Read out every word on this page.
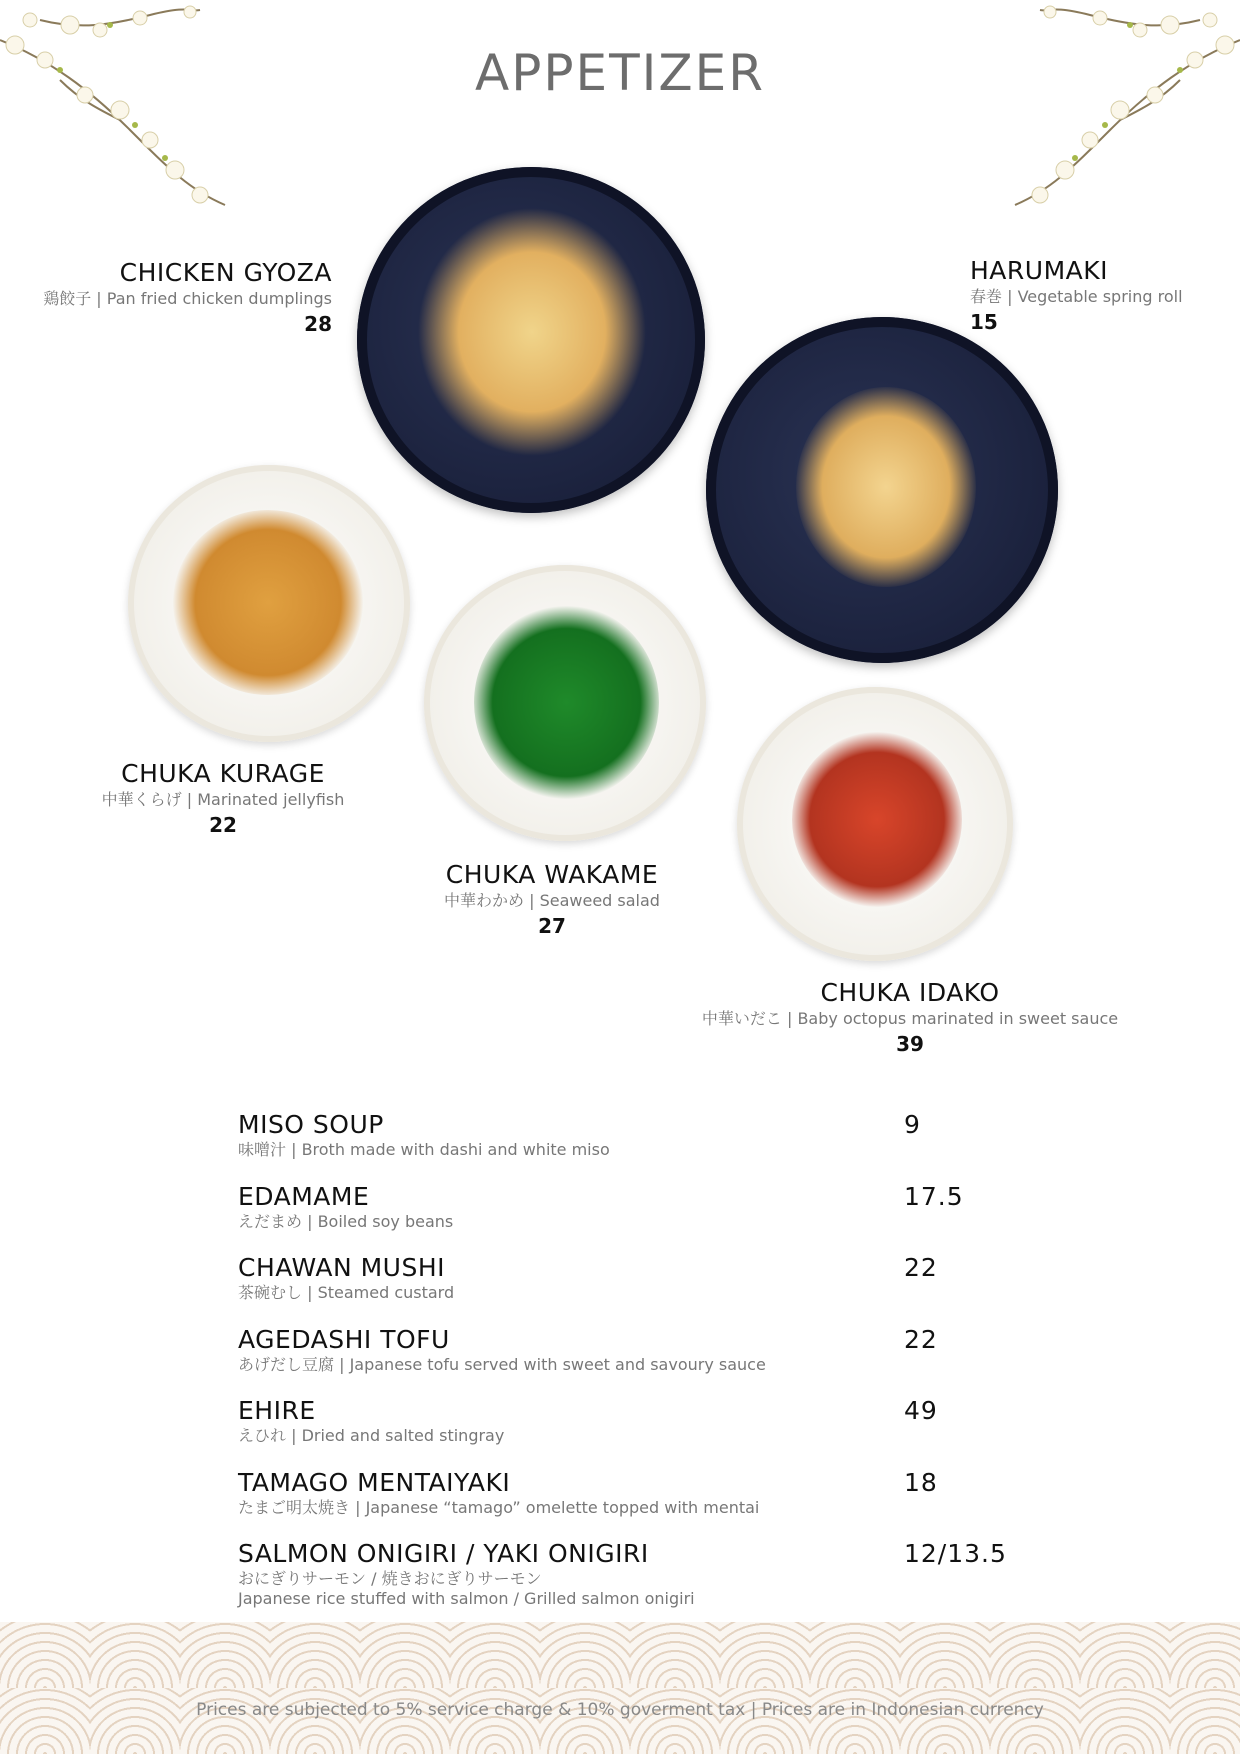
APPETIZER
CHICKEN GYOZA
鶏餃子 | Pan fried chicken dumplings
28
HARUMAKI
春巻 | Vegetable spring roll
15
CHUKA KURAGE
中華くらげ | Marinated jellyfish
22
CHUKA WAKAME
中華わかめ | Seaweed salad
27
CHUKA IDAKO
中華いだこ | Baby octopus marinated in sweet sauce
39
MISO SOUP
味噌汁 | Broth made with dashi and white miso
9
EDAMAME
えだまめ | Boiled soy beans
17.5
CHAWAN MUSHI
茶碗むし | Steamed custard
22
AGEDASHI TOFU
あげだし豆腐 | Japanese tofu served with sweet and savoury sauce
22
EHIRE
えひれ | Dried and salted stingray
49
TAMAGO MENTAIYAKI
たまご明太焼き | Japanese “tamago” omelette topped with mentai
18
SALMON ONIGIRI / YAKI ONIGIRI
おにぎりサーモン / 焼きおにぎりサーモン
Japanese rice stuffed with salmon / Grilled salmon onigiri
12/13.5
Prices are subjected to 5% service charge & 10% goverment tax | Prices are in Indonesian currency
